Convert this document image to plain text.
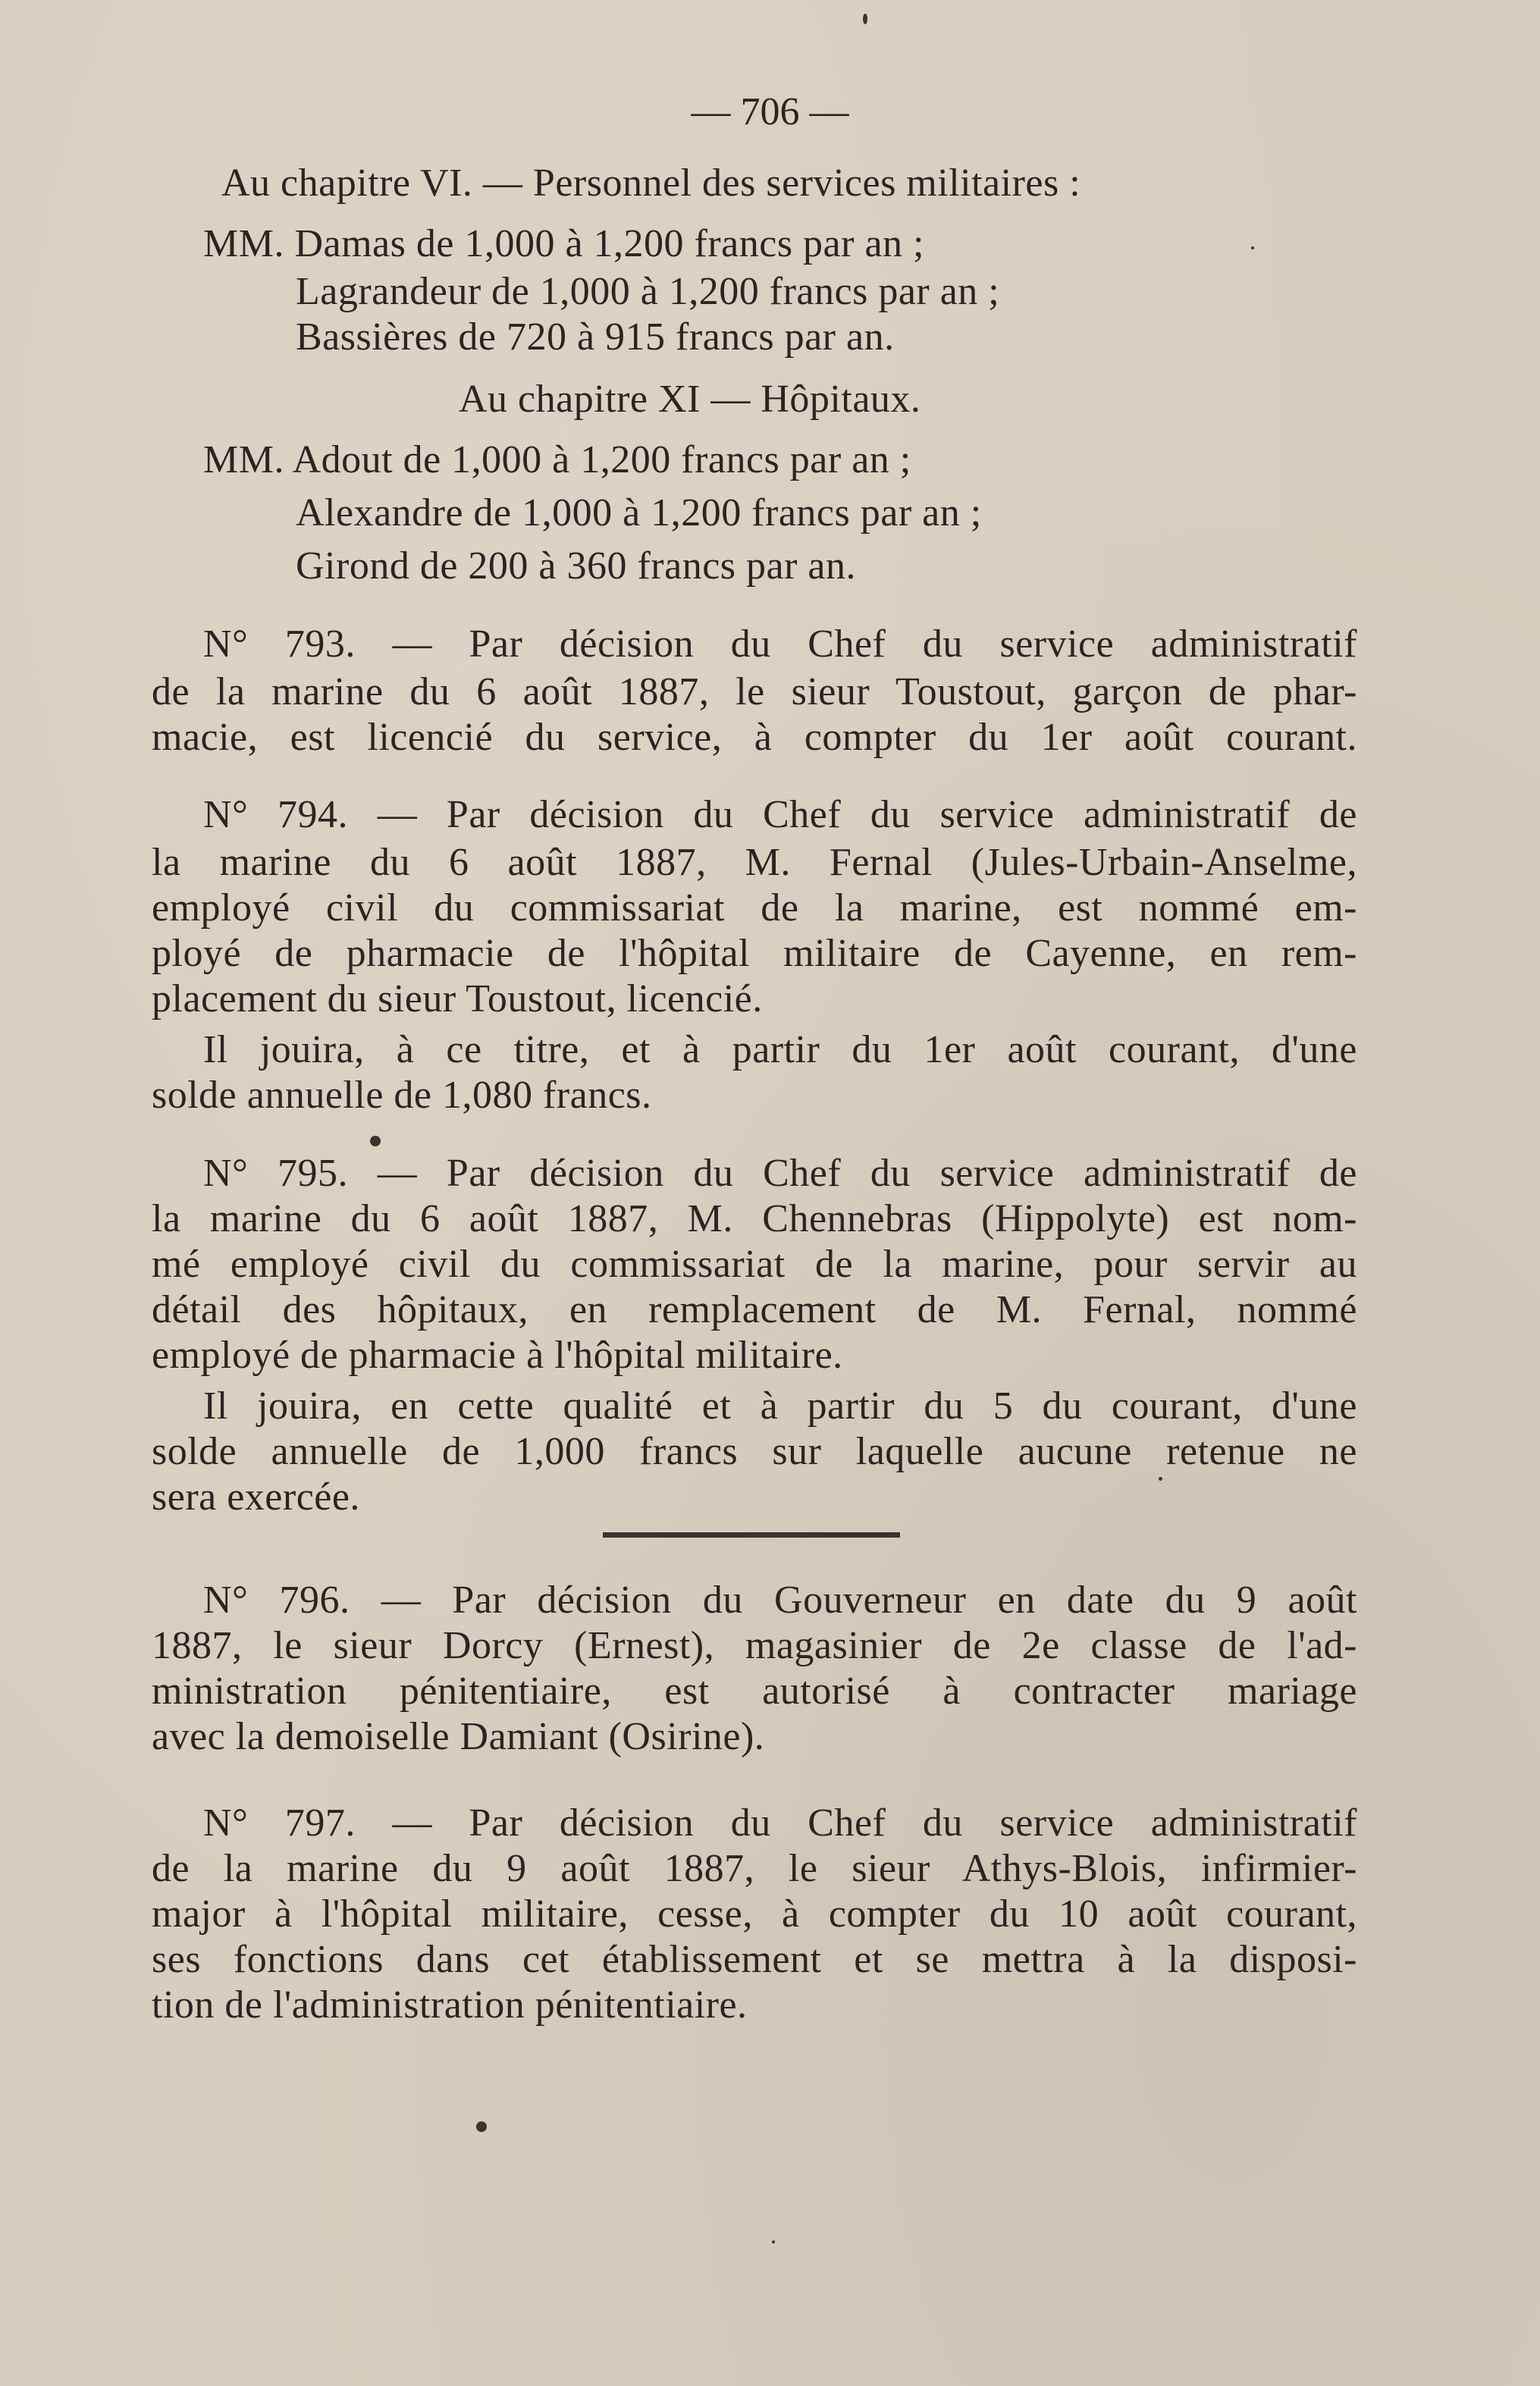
— 706 —
Au chapitre VI. — Personnel des services militaires :
MM. Damas de 1,000 à 1,200 francs par an ;
Lagrandeur de 1,000 à 1,200 francs par an ;
Bassières de 720 à 915 francs par an.
Au chapitre XI — Hôpitaux.
MM. Adout de 1,000 à 1,200 francs par an ;
Alexandre de 1,000 à 1,200 francs par an ;
Girond de 200 à 360 francs par an.
N° 793. — Par décision du Chef du service administratif
de la marine du 6 août 1887, le sieur Toustout, garçon de phar-
macie, est licencié du service, à compter du 1er août courant.
N° 794. — Par décision du Chef du service administratif de
la marine du 6 août 1887, M. Fernal (Jules-Urbain-Anselme,
employé civil du commissariat de la marine, est nommé em-
ployé de pharmacie de l'hôpital militaire de Cayenne, en rem-
placement du sieur Toustout, licencié.
Il jouira, à ce titre, et à partir du 1er août courant, d'une
solde annuelle de 1,080 francs.
N° 795. — Par décision du Chef du service administratif de
la marine du 6 août 1887, M. Chennebras (Hippolyte) est nom-
mé employé civil du commissariat de la marine, pour servir au
détail des hôpitaux, en remplacement de M. Fernal, nommé
employé de pharmacie à l'hôpital militaire.
Il jouira, en cette qualité et à partir du 5 du courant, d'une
solde annuelle de 1,000 francs sur laquelle aucune retenue ne
sera exercée.
N° 796. — Par décision du Gouverneur en date du 9 août
1887, le sieur Dorcy (Ernest), magasinier de 2e classe de l'ad-
ministration pénitentiaire, est autorisé à contracter mariage
avec la demoiselle Damiant (Osirine).
N° 797. — Par décision du Chef du service administratif
de la marine du 9 août 1887, le sieur Athys-Blois, infirmier-
major à l'hôpital militaire, cesse, à compter du 10 août courant,
ses fonctions dans cet établissement et se mettra à la disposi-
tion de l'administration pénitentiaire.
